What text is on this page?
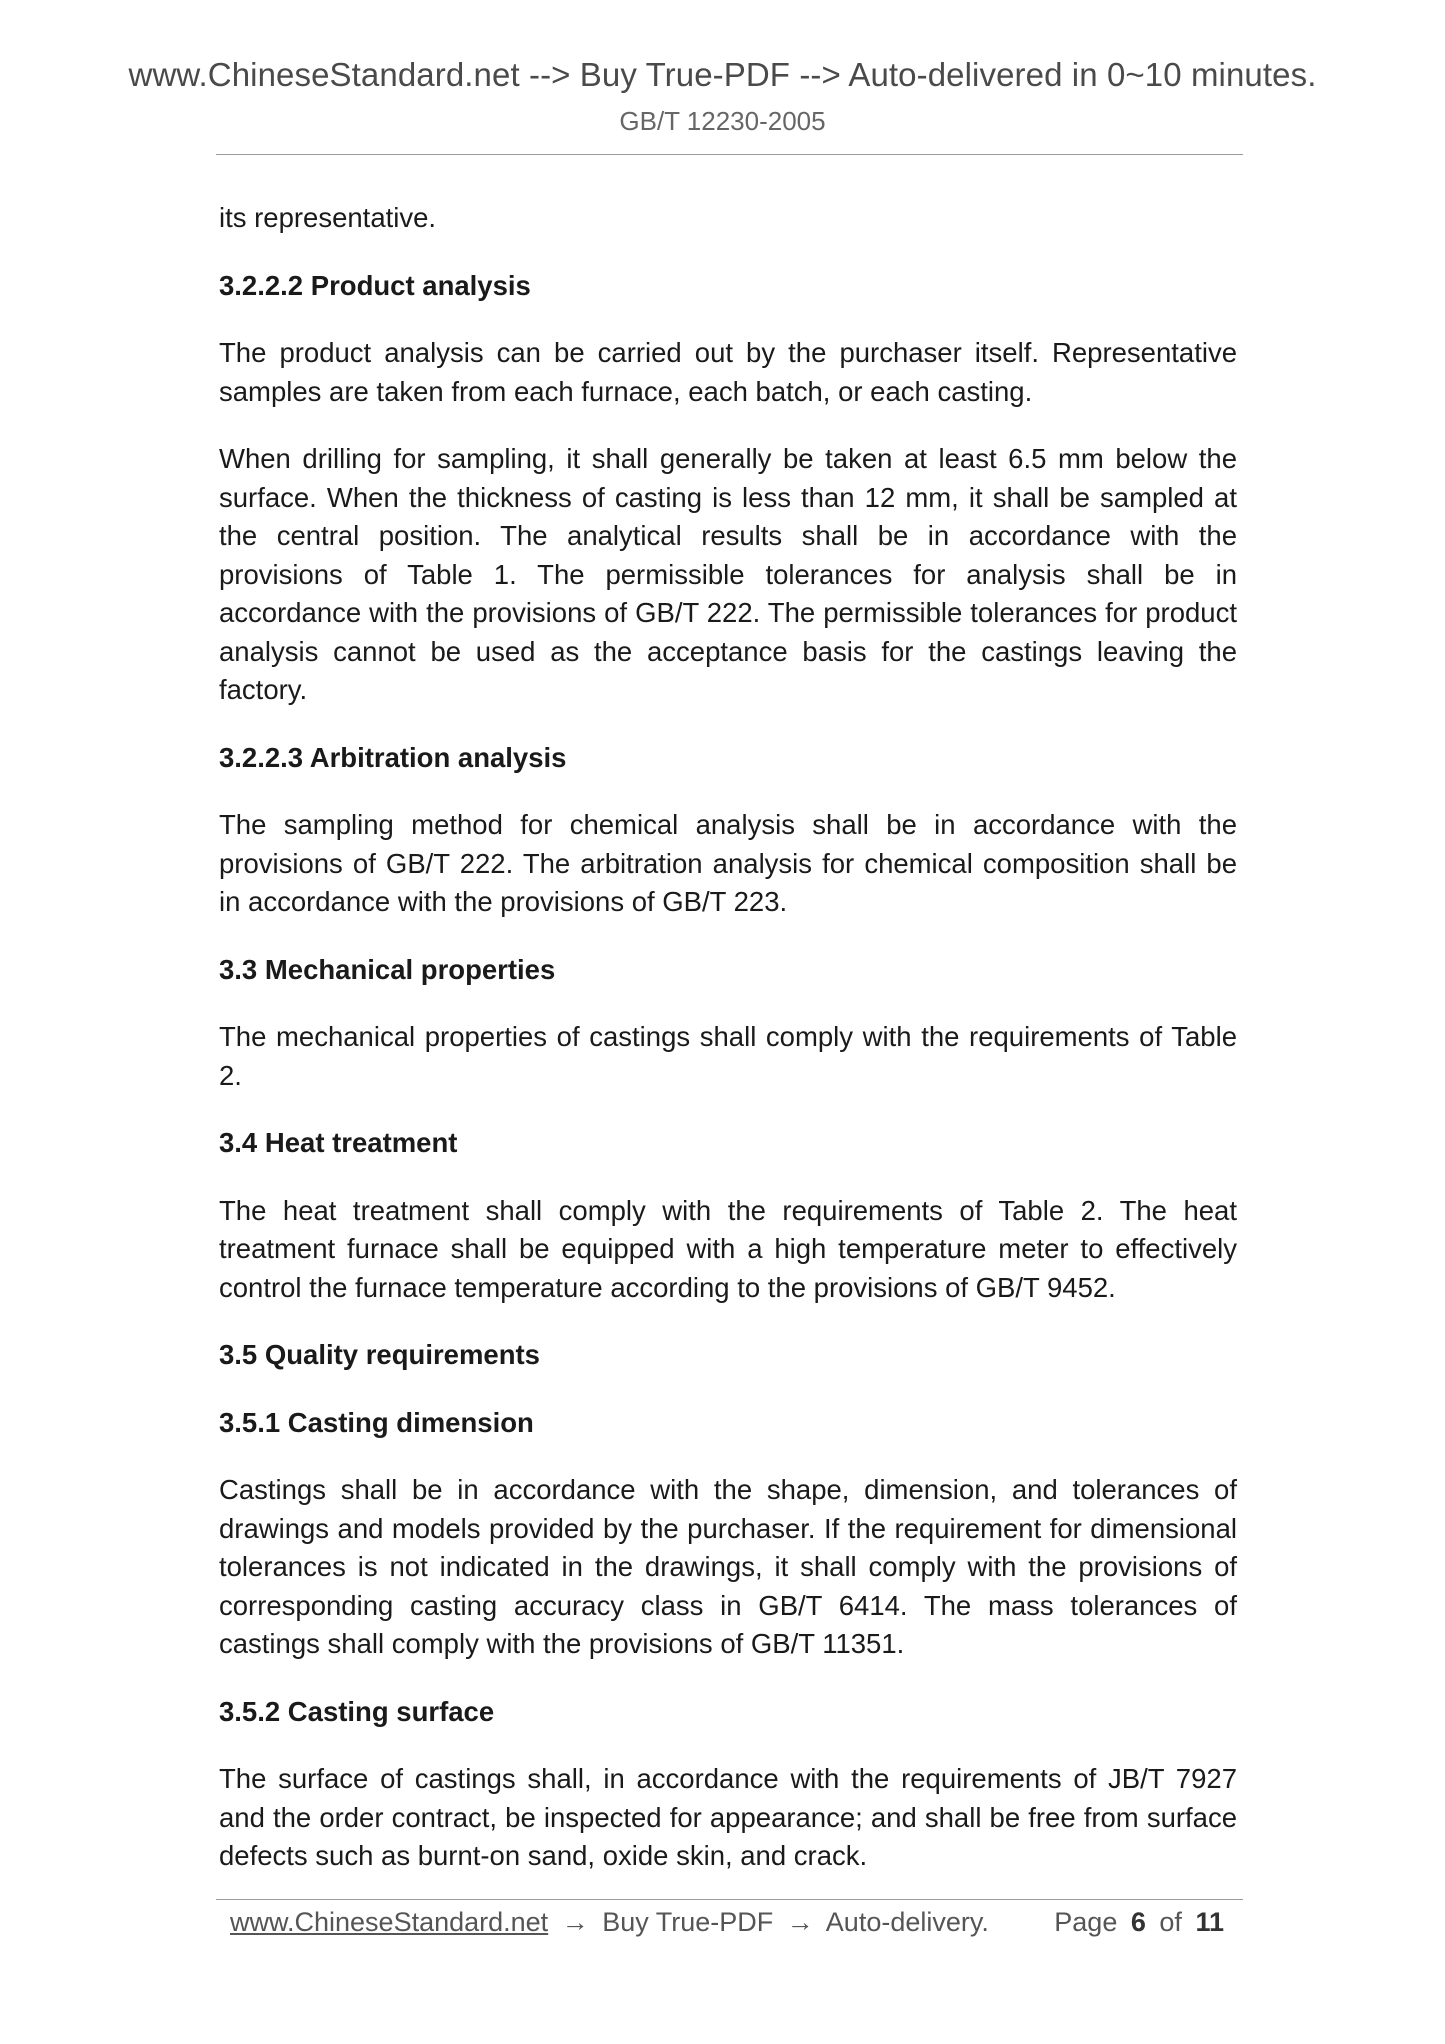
www.ChineseStandard.net --> Buy True-PDF --> Auto-delivered in 0~10 minutes.
GB/T 12230-2005

its representative.

3.2.2.2 Product analysis

The product analysis can be carried out by the purchaser itself. Representative samples are taken from each furnace, each batch, or each casting.

When drilling for sampling, it shall generally be taken at least 6.5 mm below the surface. When the thickness of casting is less than 12 mm, it shall be sampled at the central position. The analytical results shall be in accordance with the provisions of Table 1. The permissible tolerances for analysis shall be in accordance with the provisions of GB/T 222. The permissible tolerances for product analysis cannot be used as the acceptance basis for the castings leaving the factory.

3.2.2.3 Arbitration analysis

The sampling method for chemical analysis shall be in accordance with the provisions of GB/T 222. The arbitration analysis for chemical composition shall be in accordance with the provisions of GB/T 223.

3.3 Mechanical properties

The mechanical properties of castings shall comply with the requirements of Table 2.

3.4 Heat treatment

The heat treatment shall comply with the requirements of Table 2. The heat treatment furnace shall be equipped with a high temperature meter to effectively control the furnace temperature according to the provisions of GB/T 9452.

3.5 Quality requirements
3.5.1 Casting dimension

Castings shall be in accordance with the shape, dimension, and tolerances of drawings and models provided by the purchaser. If the requirement for dimensional tolerances is not indicated in the drawings, it shall comply with the provisions of corresponding casting accuracy class in GB/T 6414. The mass tolerances of castings shall comply with the provisions of GB/T 11351.

3.5.2 Casting surface

The surface of castings shall, in accordance with the requirements of JB/T 7927 and the order contract, be inspected for appearance; and shall be free from surface defects such as burnt-on sand, oxide skin, and crack.

www.ChineseStandard.net → Buy True-PDF → Auto-delivery. Page 6 of 11
